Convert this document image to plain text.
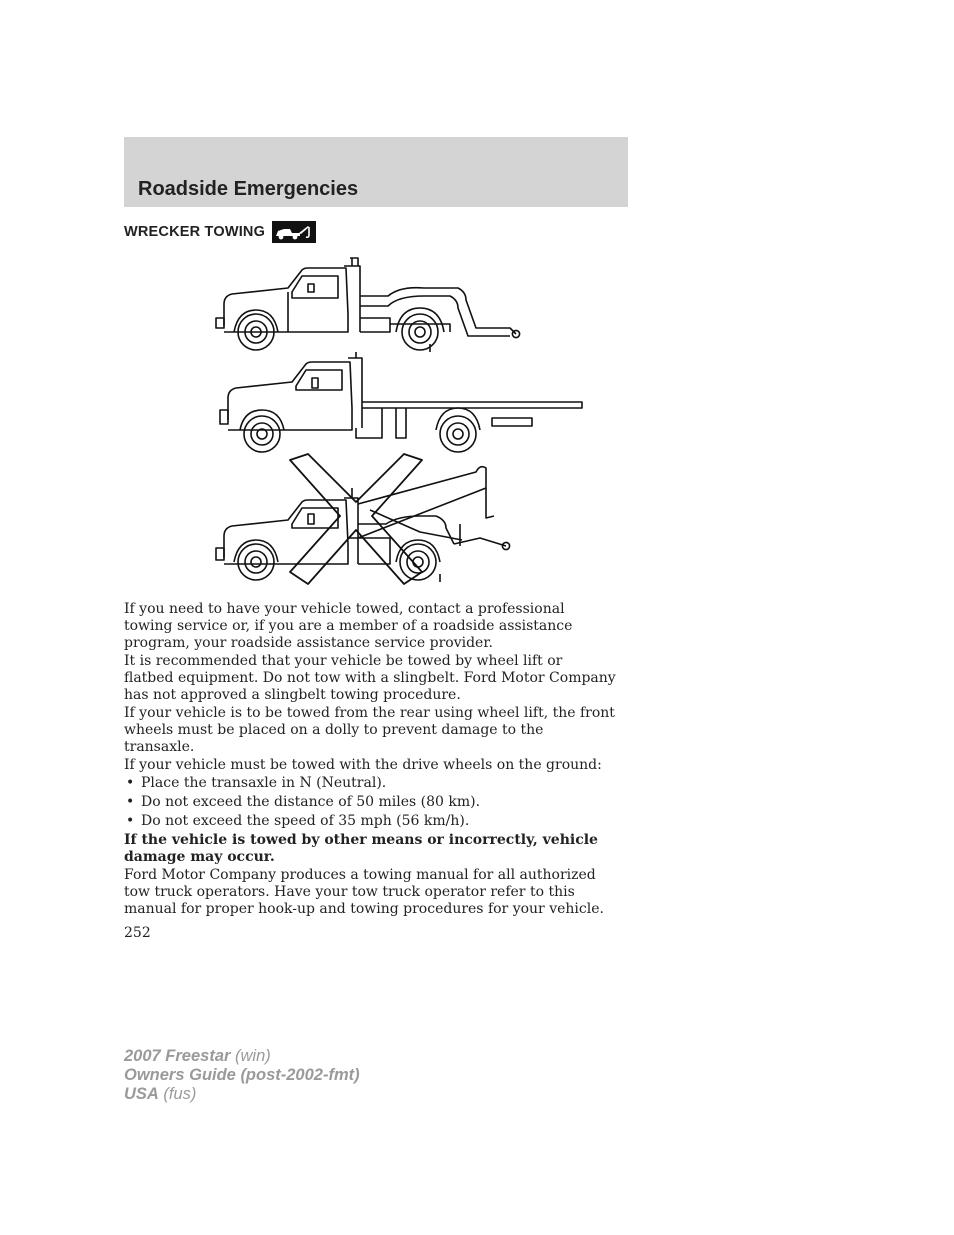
Roadside Emergencies
WRECKER TOWING

If you need to have your vehicle towed, contact a professional towing service or, if you are a member of a roadside assistance program, your roadside assistance service provider.

It is recommended that your vehicle be towed by wheel lift or flatbed equipment. Do not tow with a slingbelt. Ford Motor Company has not approved a slingbelt towing procedure.

If your vehicle is to be towed from the rear using wheel lift, the front wheels must be placed on a dolly to prevent damage to the transaxle.

If your vehicle must be towed with the drive wheels on the ground:

• Place the transaxle in N (Neutral).
• Do not exceed the distance of 50 miles (80 km).
• Do not exceed the speed of 35 mph (56 km/h).

If the vehicle is towed by other means or incorrectly, vehicle damage may occur.

Ford Motor Company produces a towing manual for all authorized tow truck operators. Have your tow truck operator refer to this manual for proper hook-up and towing procedures for your vehicle.

252
2007 Freestar (win)
Owners Guide (post-2002-fmt)
USA (fus)
